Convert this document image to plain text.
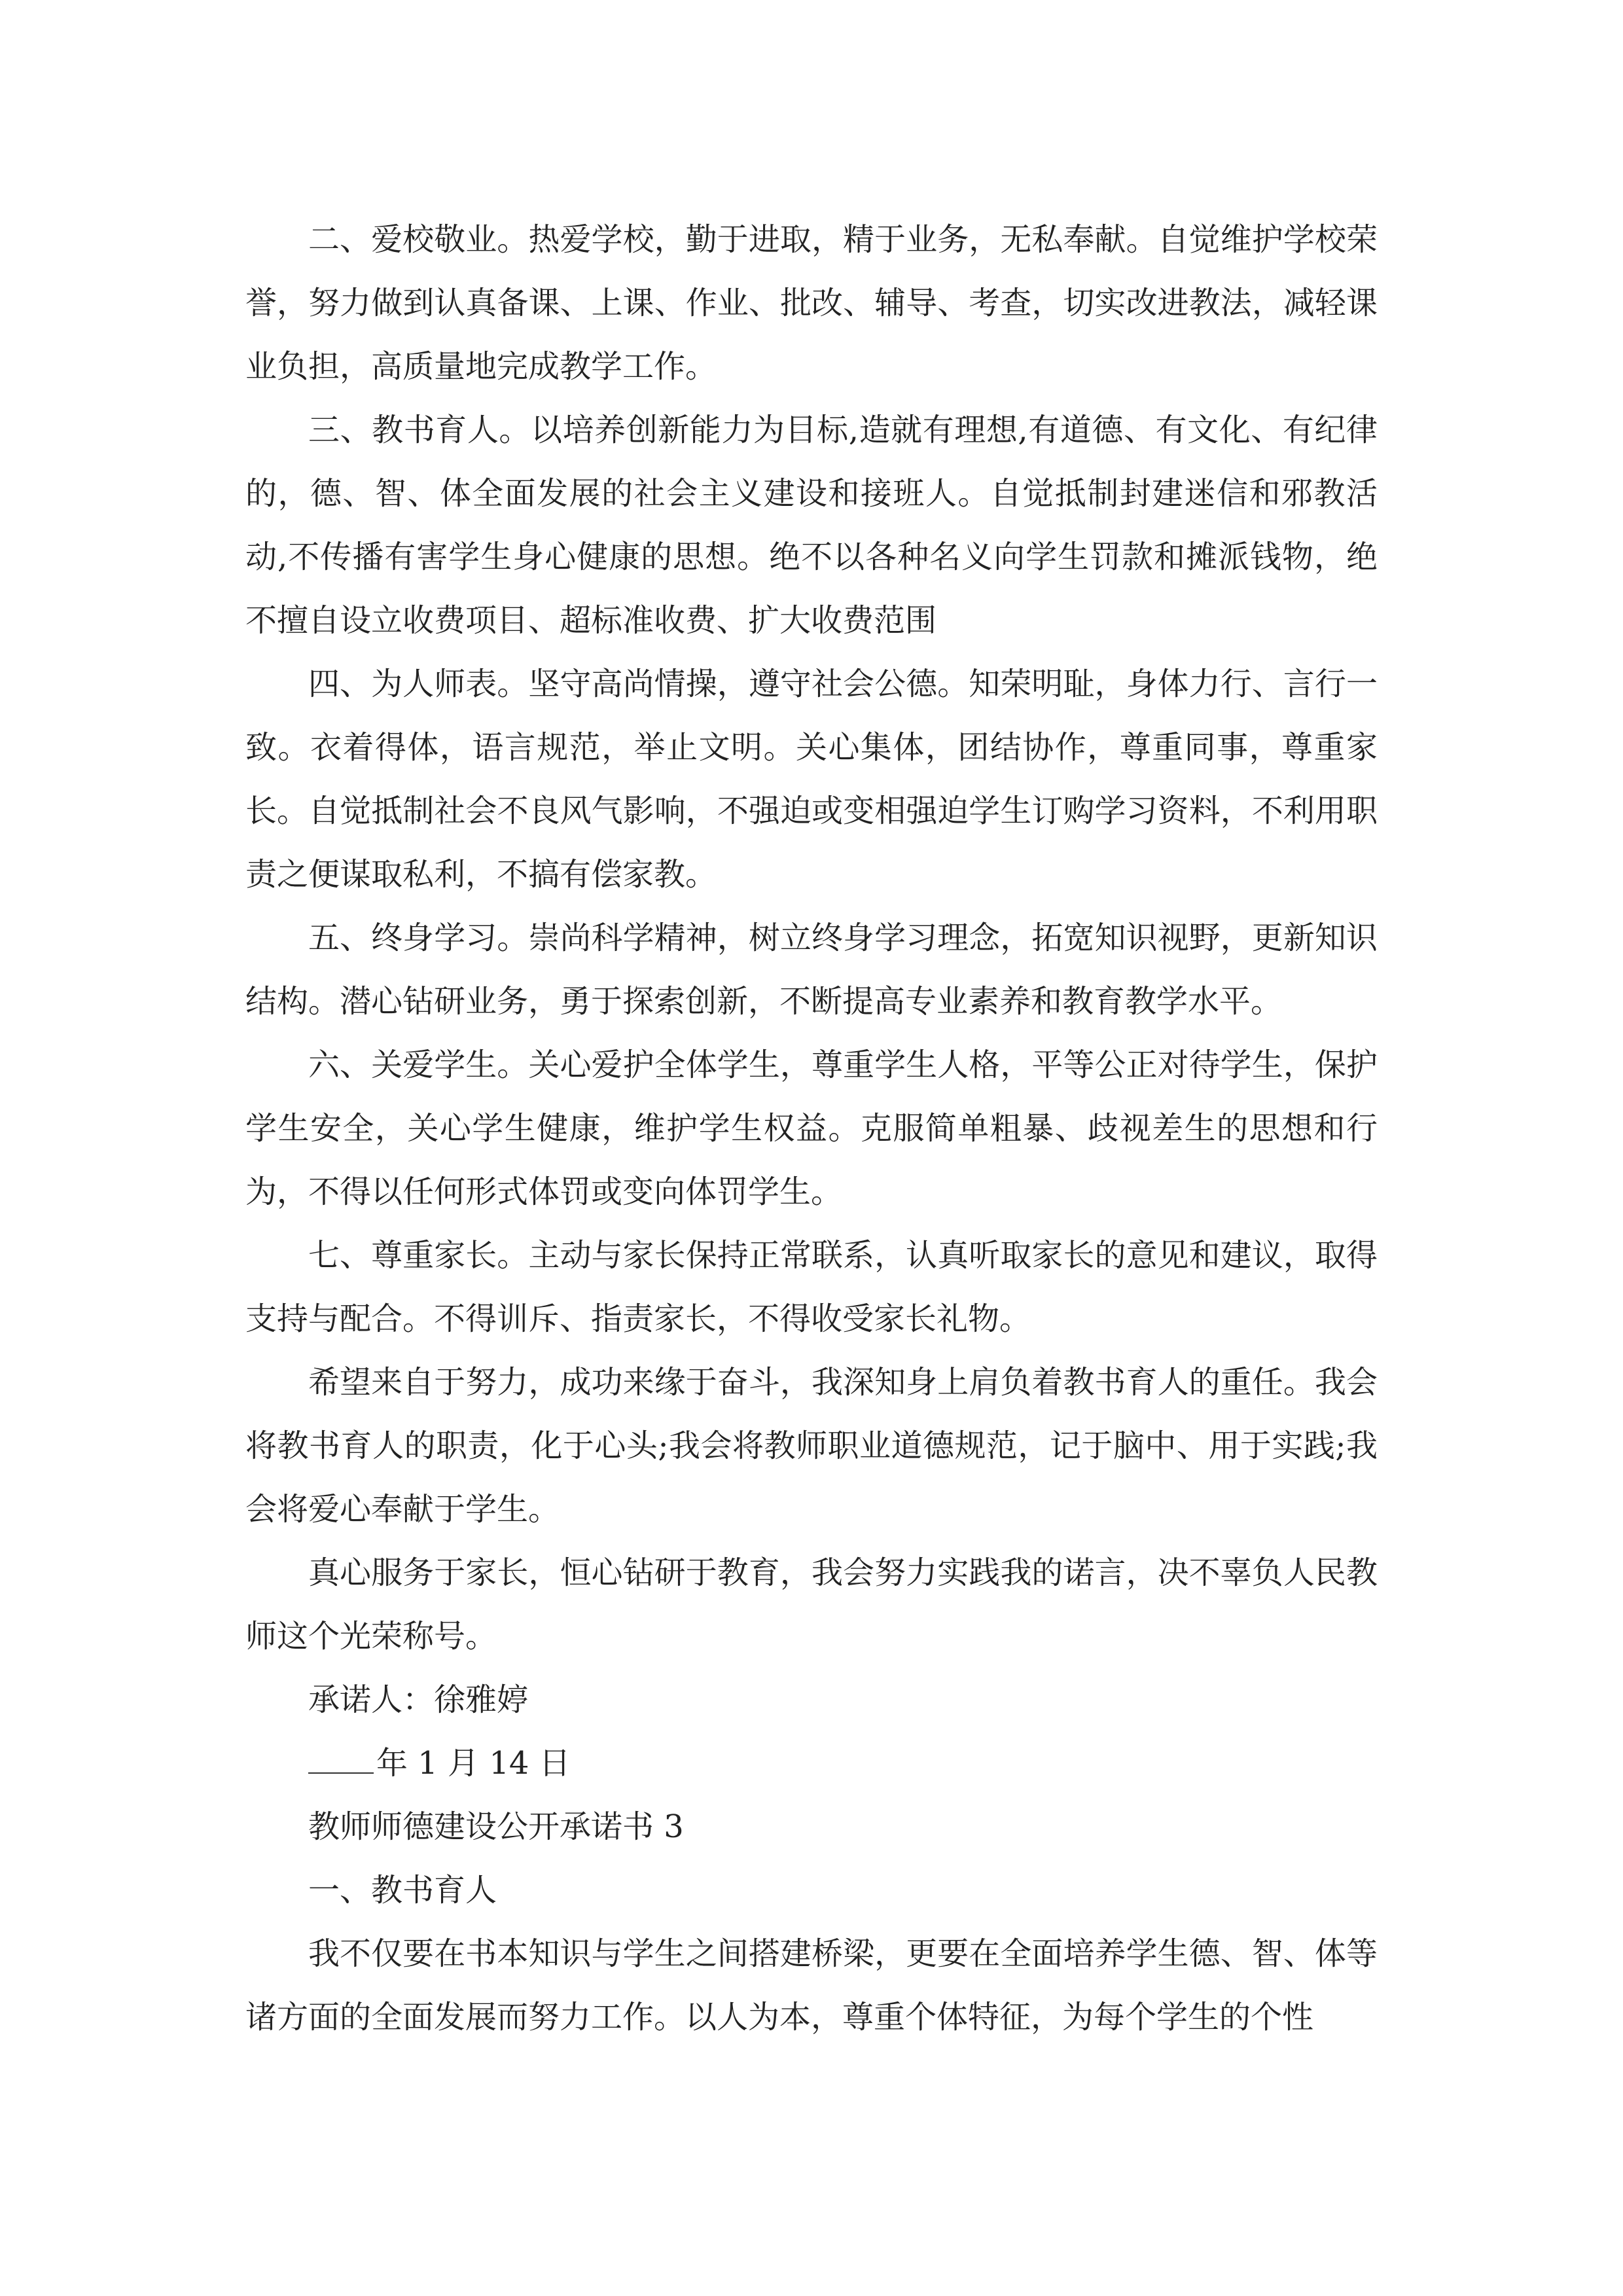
二、爱校敬业。热爱学校，勤于进取，精于业务，无私奉献。自觉维护学校荣誉，努力做到认真备课、上课、作业、批改、辅导、考查，切实改进教法，减轻课业负担，高质量地完成教学工作。

三、教书育人。以培养创新能力为目标,造就有理想,有道德、有文化、有纪律的，德、智、体全面发展的社会主义建设和接班人。自觉抵制封建迷信和邪教活动,不传播有害学生身心健康的思想。绝不以各种名义向学生罚款和摊派钱物，绝不擅自设立收费项目、超标准收费、扩大收费范围

四、为人师表。坚守高尚情操，遵守社会公德。知荣明耻，身体力行、言行一致。衣着得体，语言规范，举止文明。关心集体，团结协作，尊重同事，尊重家长。自觉抵制社会不良风气影响，不强迫或变相强迫学生订购学习资料，不利用职责之便谋取私利，不搞有偿家教。

五、终身学习。崇尚科学精神，树立终身学习理念，拓宽知识视野，更新知识结构。潜心钻研业务，勇于探索创新，不断提高专业素养和教育教学水平。

六、关爱学生。关心爱护全体学生，尊重学生人格，平等公正对待学生，保护学生安全，关心学生健康，维护学生权益。克服简单粗暴、歧视差生的思想和行为，不得以任何形式体罚或变向体罚学生。

七、尊重家长。主动与家长保持正常联系，认真听取家长的意见和建议，取得支持与配合。不得训斥、指责家长，不得收受家长礼物。

希望来自于努力，成功来缘于奋斗，我深知身上肩负着教书育人的重任。我会将教书育人的职责，化于心头;我会将教师职业道德规范，记于脑中、用于实践;我会将爱心奉献于学生。

真心服务于家长，恒心钻研于教育，我会努力实践我的诺言，决不辜负人民教师这个光荣称号。

承诺人：徐雅婷

年 1 月 14 日

教师师德建设公开承诺书 3

一、教书育人

我不仅要在书本知识与学生之间搭建桥梁，更要在全面培养学生德、智、体等诸方面的全面发展而努力工作。以人为本，尊重个体特征，为每个学生的个性
